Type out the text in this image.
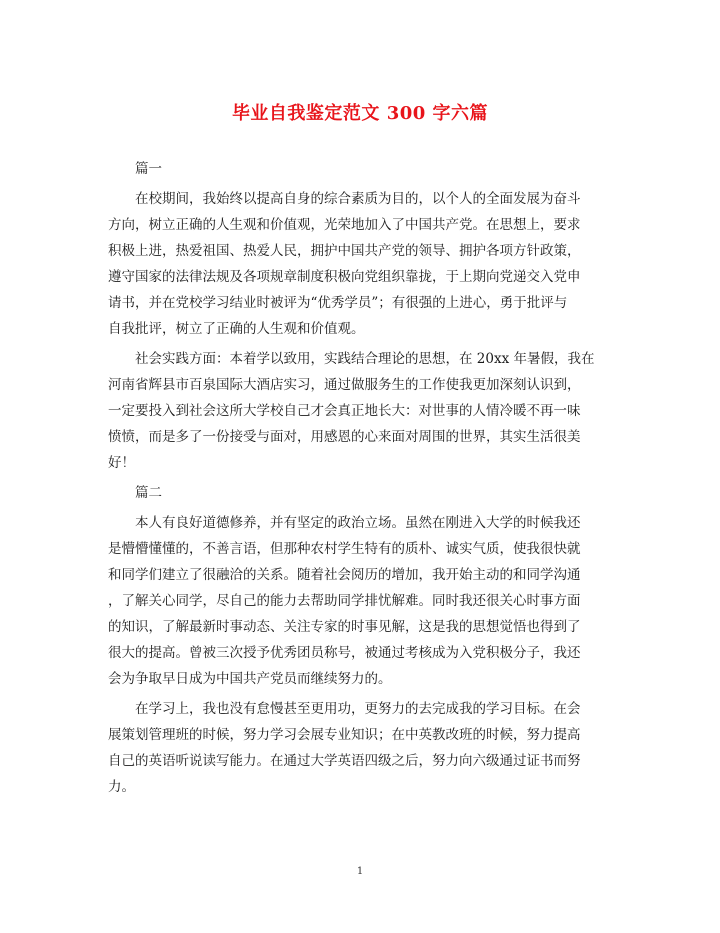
毕业自我鉴定范文 300 字六篇
篇一
在校期间，我始终以提高自身的综合素质为目的，以个人的全面发展为奋斗
方向，树立正确的人生观和价值观，光荣地加入了中国共产党。在思想上，要求
积极上进，热爱祖国、热爱人民，拥护中国共产党的领导、拥护各项方针政策，
遵守国家的法律法规及各项规章制度积极向党组织靠拢，于上期向党递交入党申
请书，并在党校学习结业时被评为“优秀学员”；有很强的上进心，勇于批评与
自我批评，树立了正确的人生观和价值观。
社会实践方面：本着学以致用，实践结合理论的思想，在 20xx 年暑假，我在
河南省辉县市百泉国际大酒店实习，通过做服务生的工作使我更加深刻认识到，
一定要投入到社会这所大学校自己才会真正地长大：对世事的人情冷暖不再一味
愤愤，而是多了一份接受与面对，用感恩的心来面对周围的世界，其实生活很美
好！
篇二
本人有良好道德修养，并有坚定的政治立场。虽然在刚进入大学的时候我还
是懵懵懂懂的，不善言语，但那种农村学生特有的质朴、诚实气质，使我很快就
和同学们建立了很融洽的关系。随着社会阅历的增加，我开始主动的和同学沟通
，了解关心同学，尽自己的能力去帮助同学排忧解难。同时我还很关心时事方面
的知识，了解最新时事动态、关注专家的时事见解，这是我的思想觉悟也得到了
很大的提高。曾被三次授予优秀团员称号，被通过考核成为入党积极分子，我还
会为争取早日成为中国共产党员而继续努力的。
在学习上，我也没有怠慢甚至更用功，更努力的去完成我的学习目标。在会
展策划管理班的时候，努力学习会展专业知识；在中英教改班的时候，努力提高
自己的英语听说读写能力。在通过大学英语四级之后，努力向六级通过证书而努
力。
1
